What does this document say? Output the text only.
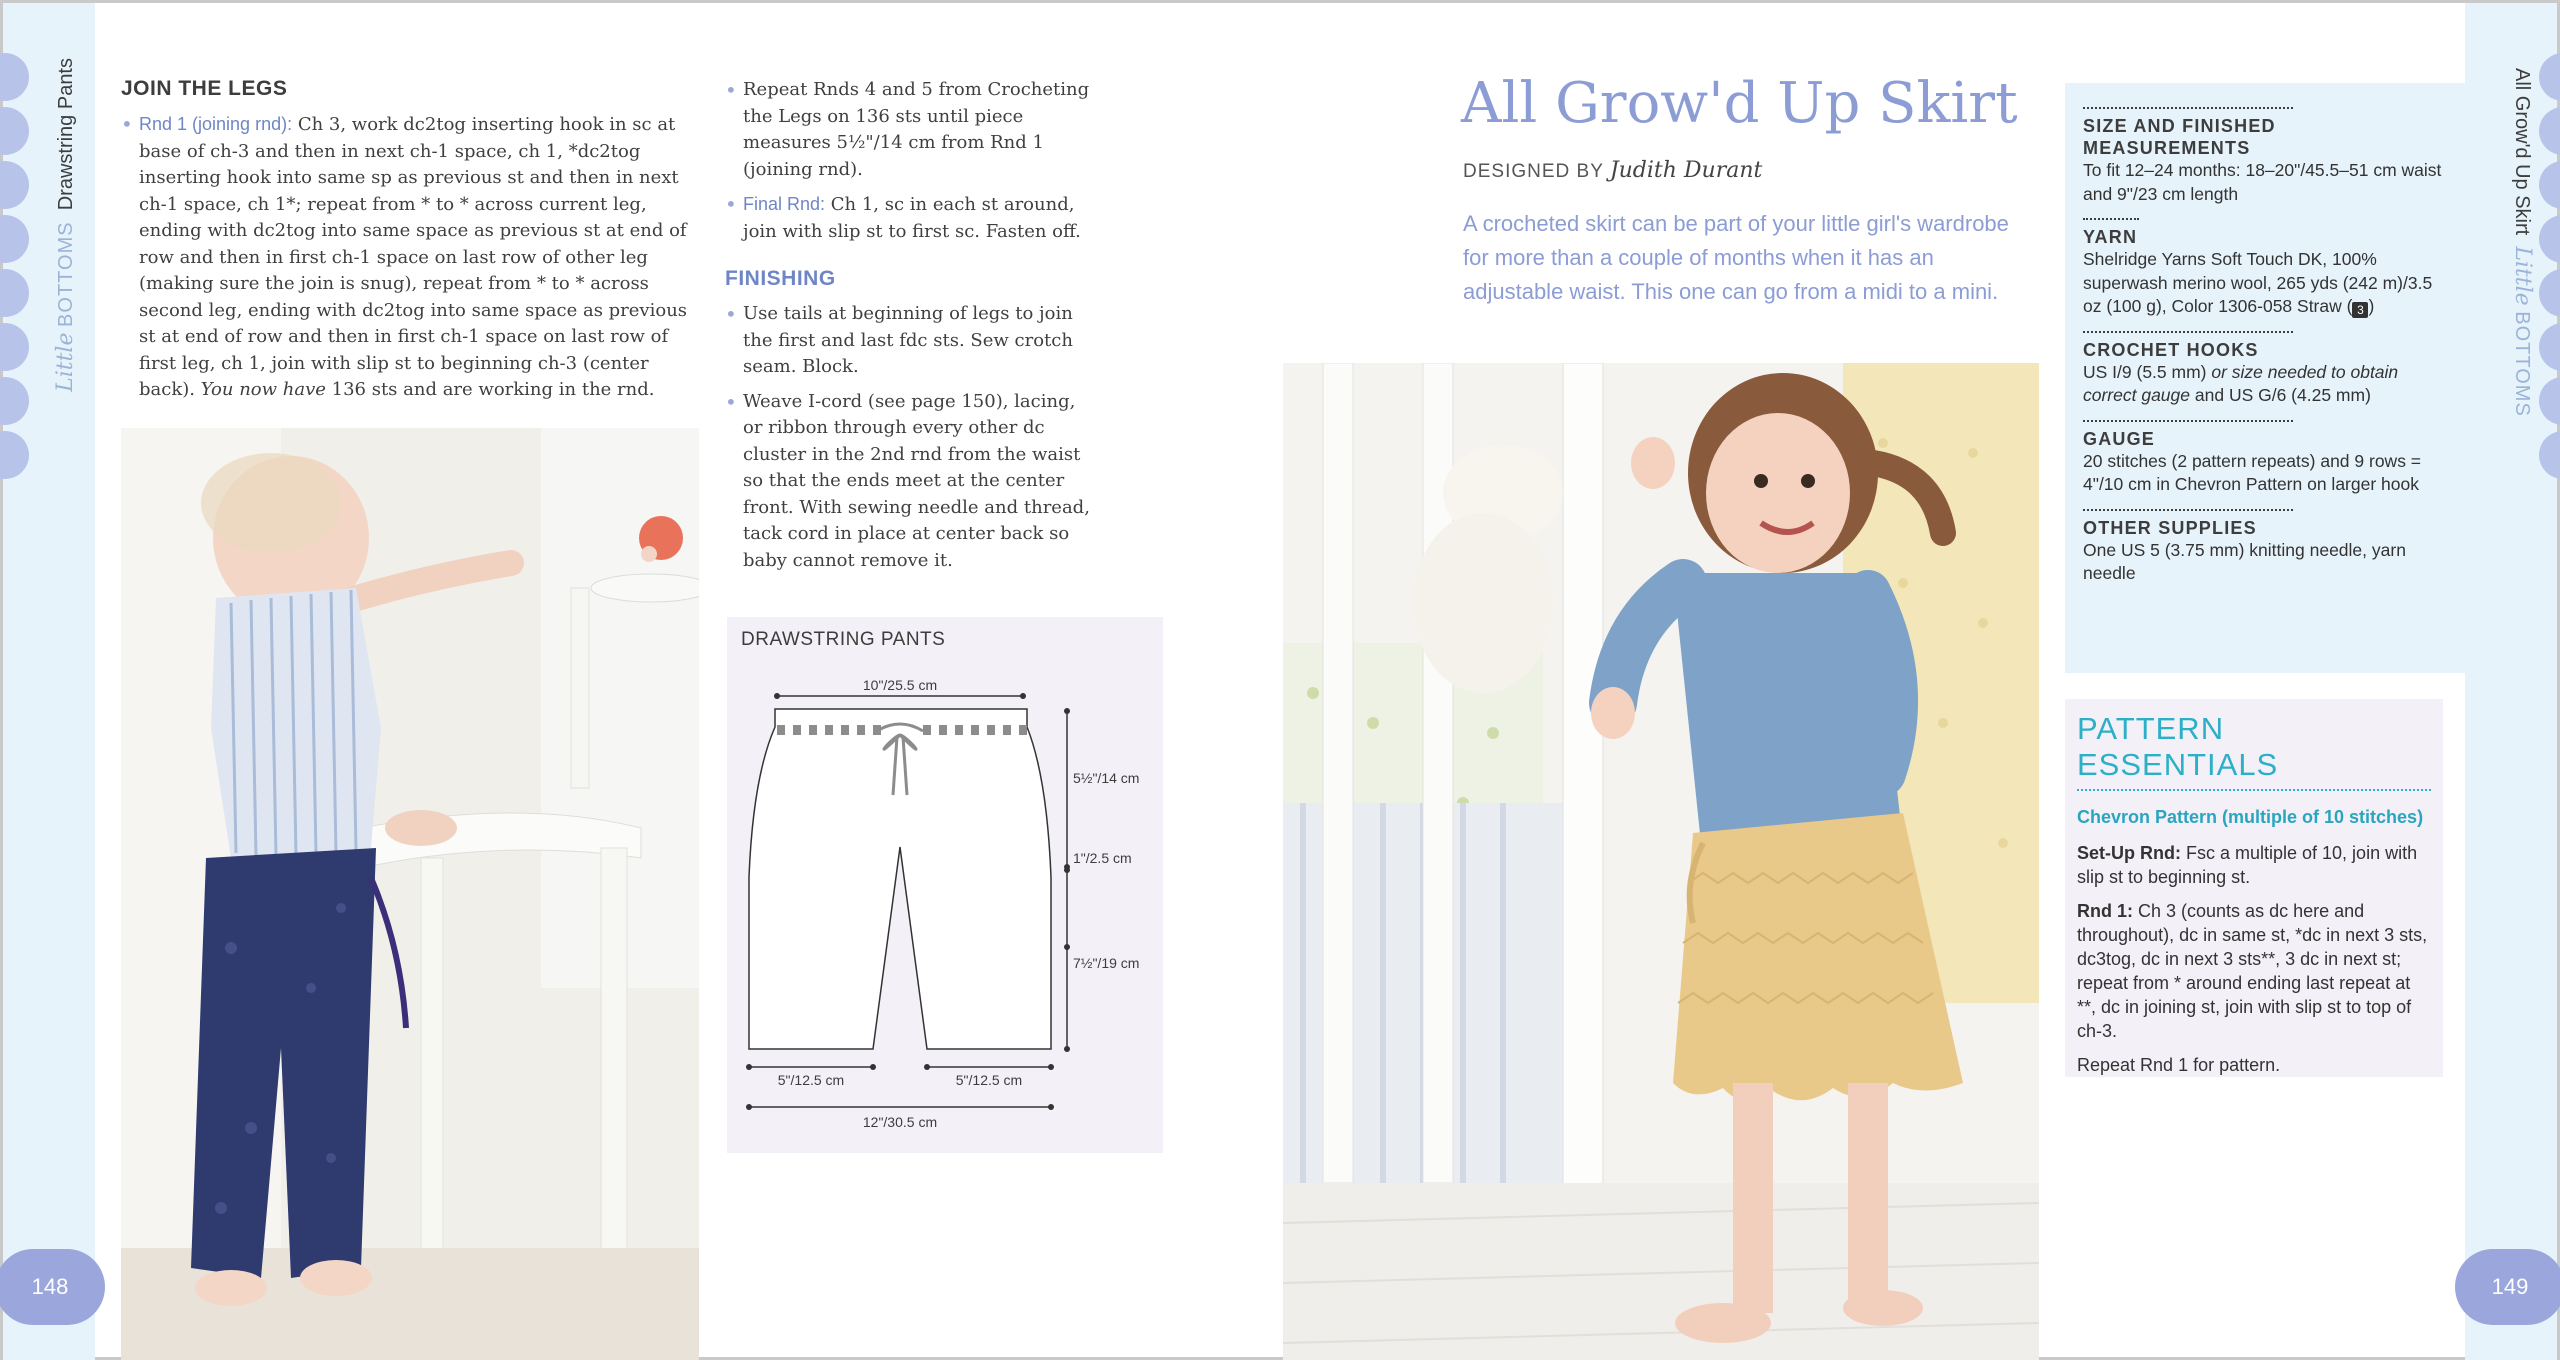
Little BOTTOMS  Drawstring Pants
148
JOIN THE LEGS
• Rnd 1 (joining rnd): Ch 3, work dc2tog inserting hook in sc at base of ch-3 and then in next ch-1 space, ch 1, *dc2tog inserting hook into same sp as previous st and then in next ch-1 space, ch 1*; repeat from * to * across current leg, ending with dc2tog into same space as previous st at end of row and then in first ch-1 space on last row of other leg (making sure the join is snug), repeat from * to * across second leg, ending with dc2tog into same space as previous st at end of row and then in first ch-1 space on last row of first leg, ch 1, join with slip st to beginning ch-3 (center back). You now have 136 sts and are working in the rnd.
• Repeat Rnds 4 and 5 from Crocheting the Legs on 136 sts until piece measures 5½"/14 cm from Rnd 1 (joining rnd).
• Final Rnd: Ch 1, sc in each st around, join with slip st to first sc. Fasten off.
FINISHING
• Use tails at beginning of legs to join the first and last fdc sts. Sew crotch seam. Block.
• Weave I-cord (see page 150), lacing, or ribbon through every other dc cluster in the 2nd rnd from the waist so that the ends meet at the center front. With sewing needle and thread, tack cord in place at center back so baby cannot remove it.
DRAWSTRING PANTS
10"/25.5 cm
5½"/14 cm
1"/2.5 cm
7½"/19 cm
5"/12.5 cm	5"/12.5 cm
12"/30.5 cm
All Grow'd Up Skirt
DESIGNED BY Judith Durant

A crocheted skirt can be part of your little girl's wardrobe for more than a couple of months when it has an adjustable waist. This one can go from a midi to a mini.

SIZE AND FINISHED MEASUREMENTS
To fit 12–24 months: 18–20"/45.5–51 cm waist and 9"/23 cm length
YARN
Shelridge Yarns Soft Touch DK, 100% superwash merino wool, 265 yds (242 m)/3.5 oz (100 g), Color 1306-058 Straw ( 3 )
CROCHET HOOKS
US I/9 (5.5 mm) or size needed to obtain correct gauge and US G/6 (4.25 mm)
GAUGE
20 stitches (2 pattern repeats) and 9 rows = 4"/10 cm in Chevron Pattern on larger hook
OTHER SUPPLIES
One US 5 (3.75 mm) knitting needle, yarn needle
PATTERN ESSENTIALS
Chevron Pattern (multiple of 10 stitches)

Set-Up Rnd: Fsc a multiple of 10, join with slip st to beginning st.

Rnd 1: Ch 3 (counts as dc here and throughout), dc in same st, *dc in next 3 sts, dc3tog, dc in next 3 sts**, 3 dc in next st; repeat from * around ending last repeat at **, dc in joining st, join with slip st to top of ch-3.

Repeat Rnd 1 for pattern.

All Grow'd Up Skirt  Little BOTTOMS
149
